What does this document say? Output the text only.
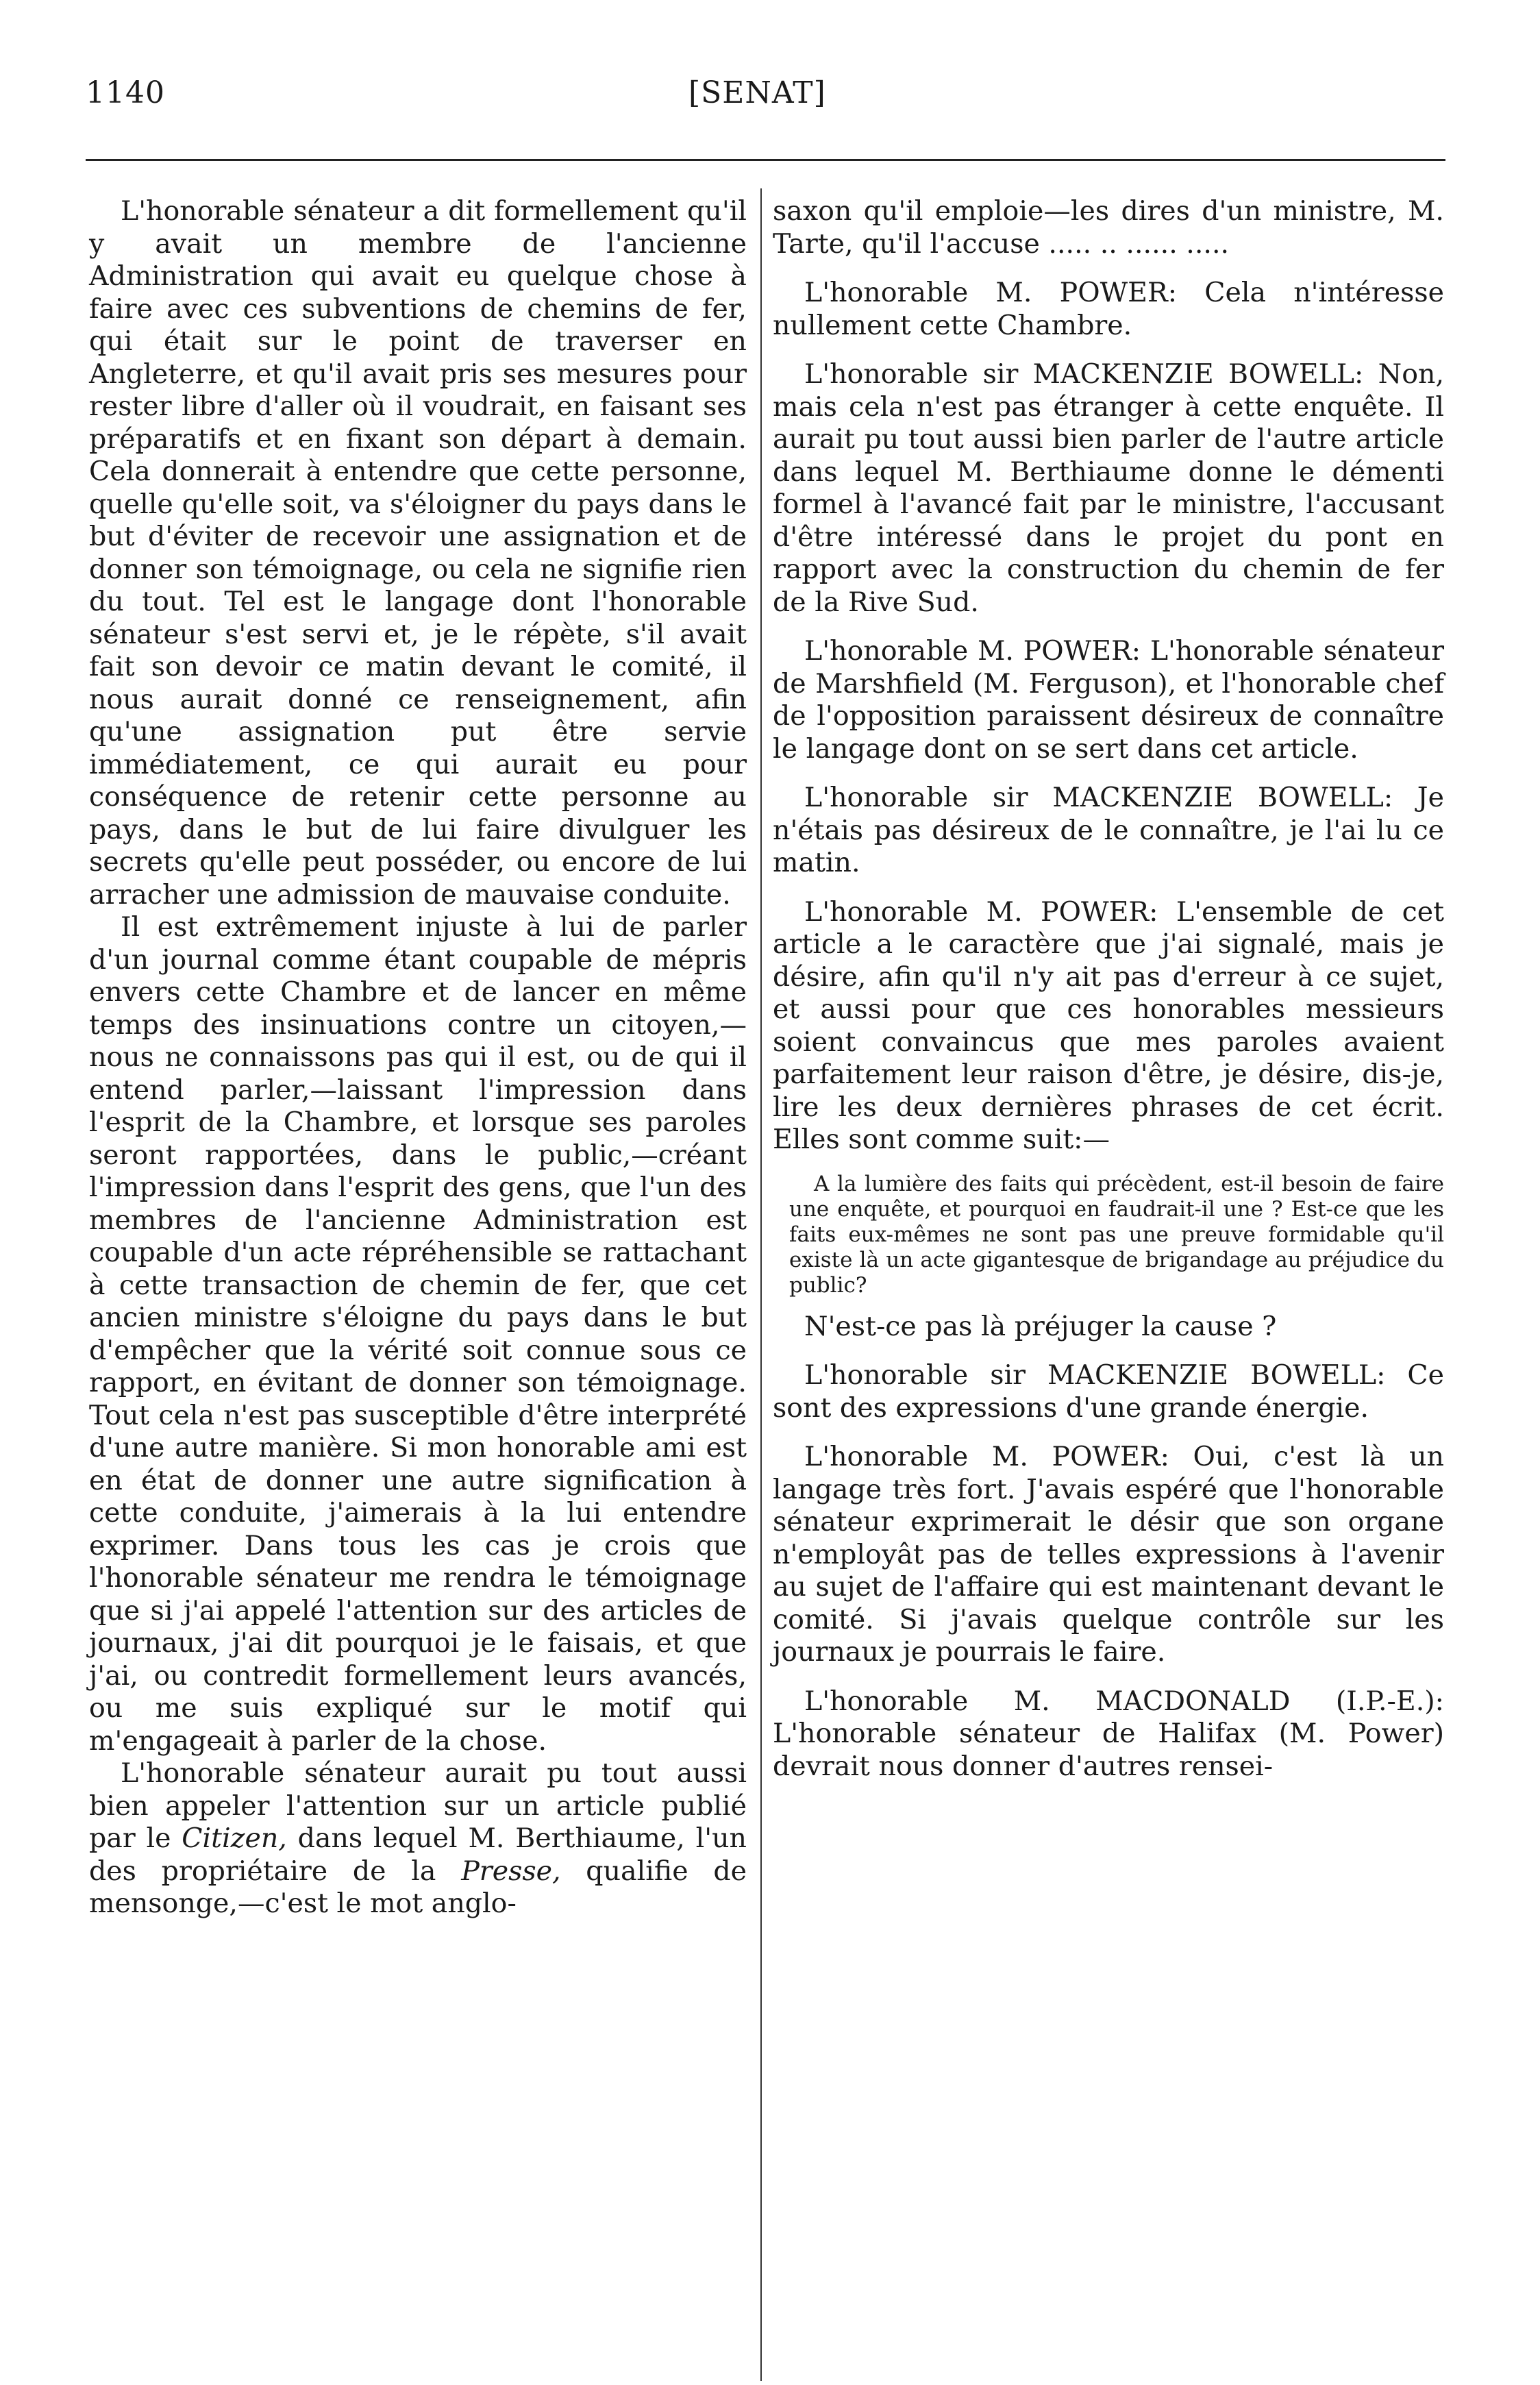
1140	[SENAT]

L'honorable sénateur a dit formellement qu'il y avait un membre de l'ancienne Administration qui avait eu quelque chose à faire avec ces subventions de chemins de fer, qui était sur le point de traverser en Angleterre, et qu'il avait pris ses mesures pour rester libre d'aller où il voudrait, en faisant ses préparatifs et en fixant son départ à demain. Cela donnerait à entendre que cette personne, quelle qu'elle soit, va s'éloigner du pays dans le but d'éviter de recevoir une assignation et de donner son témoignage, ou cela ne signifie rien du tout. Tel est le langage dont l'honorable sénateur s'est servi et, je le répète, s'il avait fait son devoir ce matin devant le comité, il nous aurait donné ce renseignement, afin qu'une assignation put être servie immédiatement, ce qui aurait eu pour conséquence de retenir cette personne au pays, dans le but de lui faire divulguer les secrets qu'elle peut posséder, ou encore de lui arracher une admission de mauvaise conduite.

Il est extrêmement injuste à lui de parler d'un journal comme étant coupable de mépris envers cette Chambre et de lancer en même temps des insinuations contre un citoyen,—nous ne connaissons pas qui il est, ou de qui il entend parler,—laissant l'impression dans l'esprit de la Chambre, et lorsque ses paroles seront rapportées, dans le public,—créant l'impression dans l'esprit des gens, que l'un des membres de l'ancienne Administration est coupable d'un acte répréhensible se rattachant à cette transaction de chemin de fer, que cet ancien ministre s'éloigne du pays dans le but d'empêcher que la vérité soit connue sous ce rapport, en évitant de donner son témoignage. Tout cela n'est pas susceptible d'être interprété d'une autre manière. Si mon honorable ami est en état de donner une autre signification à cette conduite, j'aimerais à la lui entendre exprimer. Dans tous les cas je crois que l'honorable sénateur me rendra le témoignage que si j'ai appelé l'attention sur des articles de journaux, j'ai dit pourquoi je le faisais, et que j'ai, ou contredit formellement leurs avancés, ou me suis expliqué sur le motif qui m'engageait à parler de la chose.

L'honorable sénateur aurait pu tout aussi bien appeler l'attention sur un article publié par le Citizen, dans lequel M. Berthiaume, l'un des propriétaire de la Presse, qualifie de mensonge,—c'est le mot anglo-

saxon qu'il emploie—les dires d'un ministre, M. Tarte, qu'il l'accuse ..... .. ...... .....

L'honorable M. POWER: Cela n'intéresse nullement cette Chambre.

L'honorable sir MACKENZIE BOWELL: Non, mais cela n'est pas étranger à cette enquête. Il aurait pu tout aussi bien parler de l'autre article dans lequel M. Berthiaume donne le démenti formel à l'avancé fait par le ministre, l'accusant d'être intéressé dans le projet du pont en rapport avec la construction du chemin de fer de la Rive Sud.

L'honorable M. POWER: L'honorable sénateur de Marshfield (M. Ferguson), et l'honorable chef de l'opposition paraissent désireux de connaître le langage dont on se sert dans cet article.

L'honorable sir MACKENZIE BOWELL: Je n'étais pas désireux de le connaître, je l'ai lu ce matin.

L'honorable M. POWER: L'ensemble de cet article a le caractère que j'ai signalé, mais je désire, afin qu'il n'y ait pas d'erreur à ce sujet, et aussi pour que ces honorables messieurs soient convaincus que mes paroles avaient parfaitement leur raison d'être, je désire, dis-je, lire les deux dernières phrases de cet écrit. Elles sont comme suit:—

A la lumière des faits qui précèdent, est-il besoin de faire une enquête, et pourquoi en faudrait-il une ? Est-ce que les faits eux-mêmes ne sont pas une preuve formidable qu'il existe là un acte gigantesque de brigandage au préjudice du public?

N'est-ce pas là préjuger la cause ?

L'honorable sir MACKENZIE BOWELL: Ce sont des expressions d'une grande énergie.

L'honorable M. POWER: Oui, c'est là un langage très fort. J'avais espéré que l'honorable sénateur exprimerait le désir que son organe n'employât pas de telles expressions à l'avenir au sujet de l'affaire qui est maintenant devant le comité. Si j'avais quelque contrôle sur les journaux je pourrais le faire.

L'honorable M. MACDONALD (I.P.-E.): L'honorable sénateur de Halifax (M. Power) devrait nous donner d'autres rensei-
